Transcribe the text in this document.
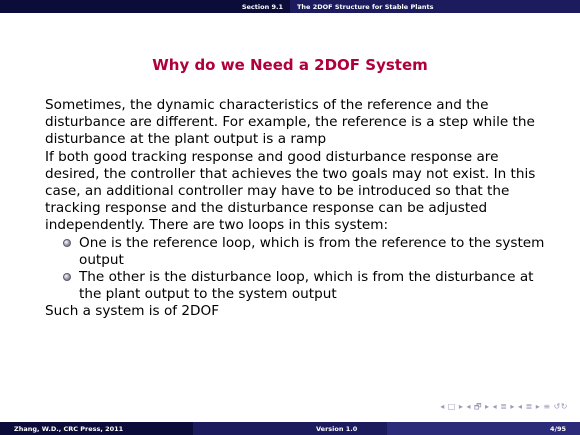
Section 9.1	The 2DOF Structure for Stable Plants
Why do we Need a 2DOF System

Sometimes, the dynamic characteristics of the reference and the disturbance are different. For example, the reference is a step while the disturbance at the plant output is a ramp

If both good tracking response and good disturbance response are desired, the controller that achieves the two goals may not exist. In this case, an additional controller may have to be introduced so that the tracking response and the disturbance response can be adjusted independently. There are two loops in this system:

One is the reference loop, which is from the reference to the system output
The other is the disturbance loop, which is from the disturbance at the plant output to the system output

Such a system is of 2DOF

◂ □ ▸ ◂ 🗗 ▸ ◂ ≣ ▸ ◂ ≣ ▸ ≡ ↺↻
Zhang, W.D., CRC Press, 2011	Version 1.0	4/95
